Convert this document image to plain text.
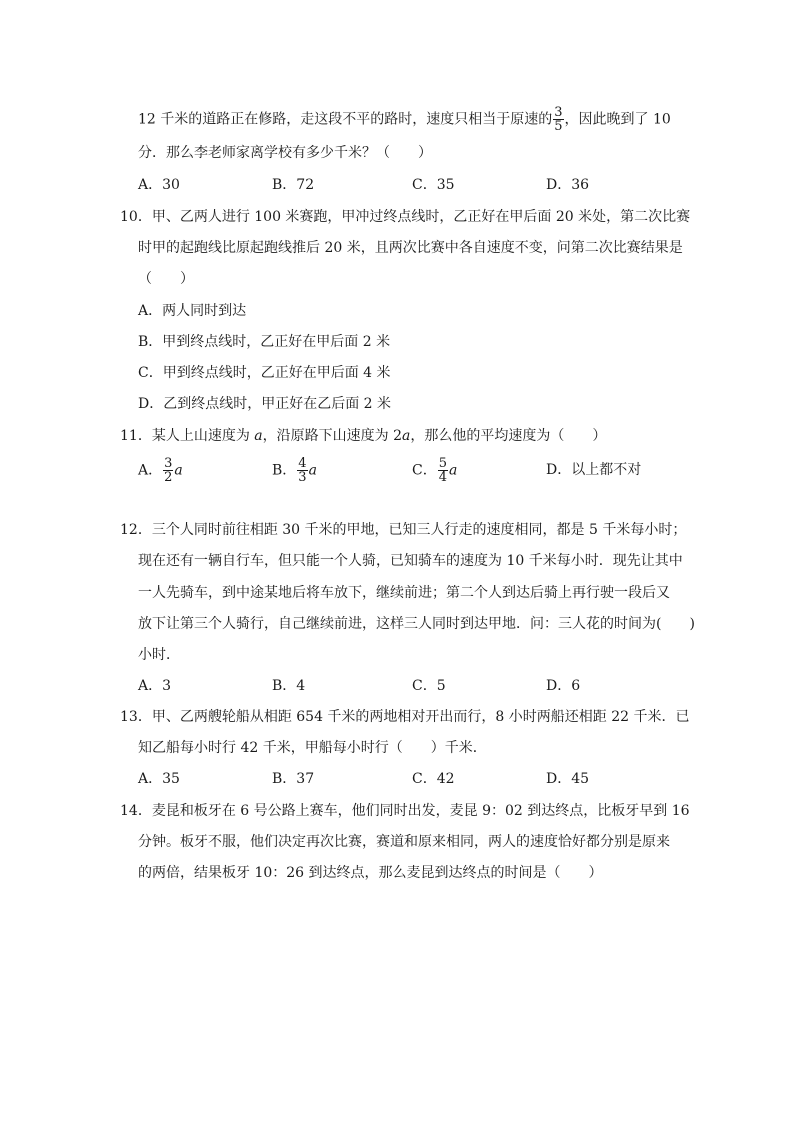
12 千米的道路正在修路，走这段不平的路时，速度只相当于原速的 $\frac{3}{5}$ ，因此晚到了 10
分．那么李老师家离学校有多少千米？（　　）
A．30	B．72	C．35	D．36
10．甲、乙两人进行 100 米赛跑，甲冲过终点线时，乙正好在甲后面 20 米处，第二次比赛
时甲的起跑线比原起跑线推后 20 米，且两次比赛中各自速度不变，问第二次比赛结果是
（　　）
A．两人同时到达
B．甲到终点线时，乙正好在甲后面 2 米
C．甲到终点线时，乙正好在甲后面 4 米
D．乙到终点线时，甲正好在乙后面 2 米
11．某人上山速度为 a，沿原路下山速度为 2a，那么他的平均速度为（　　）
A． $\frac{3}{2}$ a	B． $\frac{4}{3}$ a	C． $\frac{5}{4}$ a	D．以上都不对
12．三个人同时前往相距 30 千米的甲地，已知三人行走的速度相同，都是 5 千米每小时；
现在还有一辆自行车，但只能一个人骑，已知骑车的速度为 10 千米每小时．现先让其中
一人先骑车，到中途某地后将车放下，继续前进；第二个人到达后骑上再行驶一段后又
放下让第三个人骑行，自己继续前进，这样三人同时到达甲地．问：三人花的时间为(　　)
小时．
A．3	B．4	C．5	D．6
13．甲、乙两艘轮船从相距 654 千米的两地相对开出而行，8 小时两船还相距 22 千米．已
知乙船每小时行 42 千米，甲船每小时行（　　）千米．
A．35	B．37	C．42	D．45
14．麦昆和板牙在 6 号公路上赛车，他们同时出发，麦昆 9：02 到达终点，比板牙早到 16
分钟。板牙不服，他们决定再次比赛，赛道和原来相同，两人的速度恰好都分别是原来
的两倍，结果板牙 10：26 到达终点，那么麦昆到达终点的时间是（　　）
